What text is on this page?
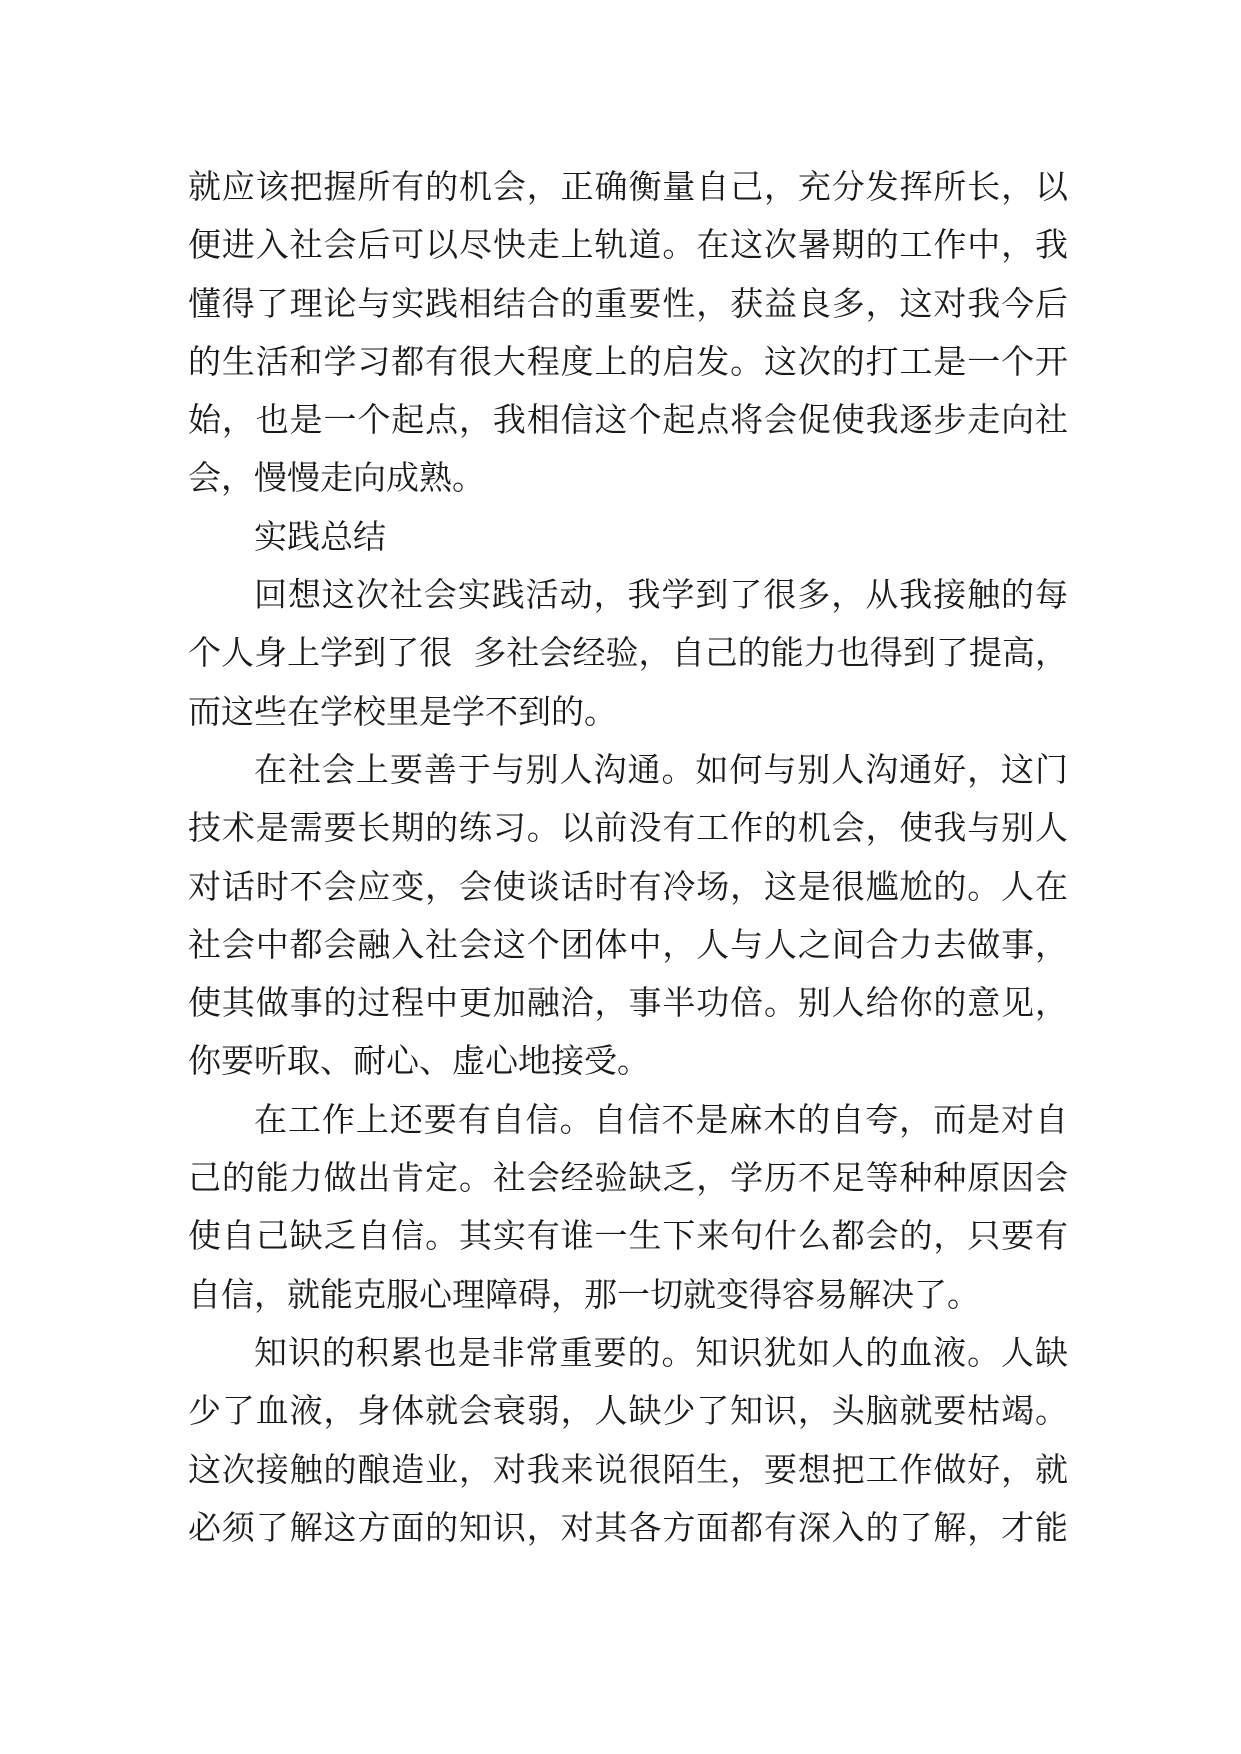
就应该把握所有的机会，正确衡量自己，充分发挥所长，以
便进入社会后可以尽快走上轨道。在这次暑期的工作中，我
懂得了理论与实践相结合的重要性，获益良多，这对我今后
的生活和学习都有很大程度上的启发。这次的打工是一个开
始，也是一个起点，我相信这个起点将会促使我逐步走向社
会，慢慢走向成熟。
实践总结
回想这次社会实践活动，我学到了很多，从我接触的每
个人身上学到了很  多社会经验，自己的能力也得到了提高，
而这些在学校里是学不到的。
在社会上要善于与别人沟通。如何与别人沟通好，这门
技术是需要长期的练习。以前没有工作的机会，使我与别人
对话时不会应变，会使谈话时有冷场，这是很尴尬的。人在
社会中都会融入社会这个团体中，人与人之间合力去做事，
使其做事的过程中更加融洽，事半功倍。别人给你的意见，
你要听取、耐心、虚心地接受。
在工作上还要有自信。自信不是麻木的自夸，而是对自
己的能力做出肯定。社会经验缺乏，学历不足等种种原因会
使自己缺乏自信。其实有谁一生下来句什么都会的，只要有
自信，就能克服心理障碍，那一切就变得容易解决了。
知识的积累也是非常重要的。知识犹如人的血液。人缺
少了血液，身体就会衰弱，人缺少了知识，头脑就要枯竭。
这次接触的酿造业，对我来说很陌生，要想把工作做好，就
必须了解这方面的知识，对其各方面都有深入的了解，才能
